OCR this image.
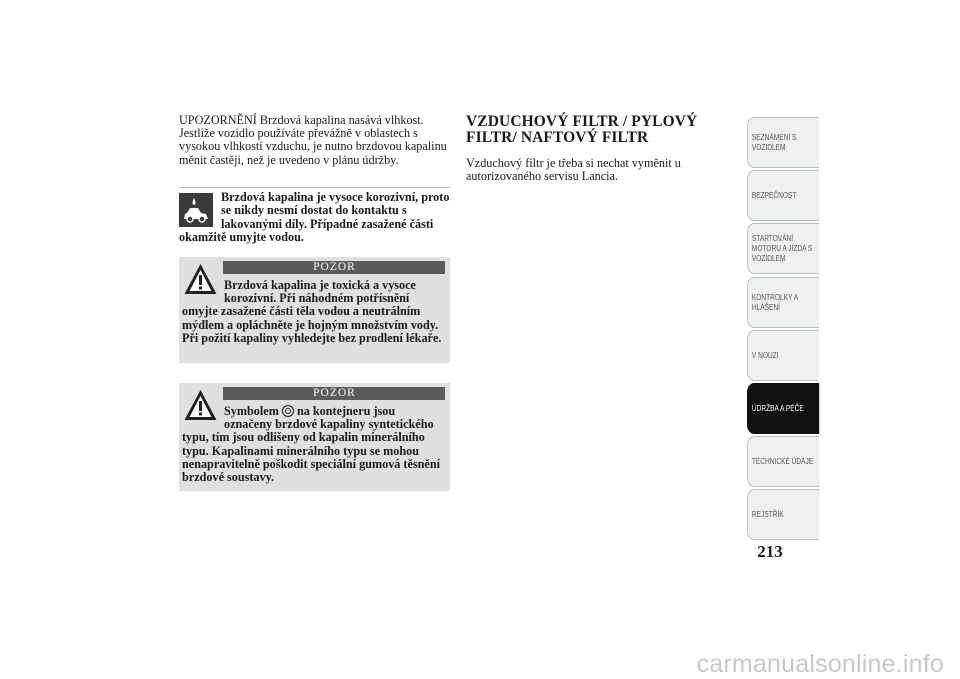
UPOZORNĚNÍ Brzdová kapalina nasává vlhkost. Jestliže vozidlo používáte převážně v oblastech s vysokou vlhkostí vzduchu, je nutno brzdovou kapalinu měnit častěji, než je uvedeno v plánu údržby.

Brzdová kapalina je vysoce korozivní, proto se nikdy nesmí dostat do kontaktu s lakovanými díly. Případné zasažené části okamžitě umyjte vodou.

POZOR

Brzdová kapalina je toxická a vysoce korozivní. Při náhodném potřísnění omyjte zasažené části těla vodou a neutrálním mýdlem a opláchněte je hojným množstvím vody. Při požití kapaliny vyhledejte bez prodlení lékaře.

POZOR

Symbolem na kontejneru jsou označeny brzdové kapaliny syntetického typu, tím jsou odlišeny od kapalin minerálního typu. Kapalinami minerálního typu se mohou nenapravitelně poškodit speciální gumová těsnění brzdové soustavy.

VZDUCHOVÝ FILTR / PYLOVÝ FILTR/ NAFTOVÝ FILTR

Vzduchový filtr je třeba si nechat vyměnit u autorizovaného servisu Lancia.

SEZNÁMENÍ S VOZIDLEM
BEZPEČNOST
STARTOVÁNÍ MOTORU A JÍZDA S VOZIDLEM
KONTROLKY A HLÁŠENÍ
V NOUZI
ÚDRŽBA A PÉČE
TECHNICKÉ ÚDAJE
REJSTŘÍK
213
carmanualsonline.info
